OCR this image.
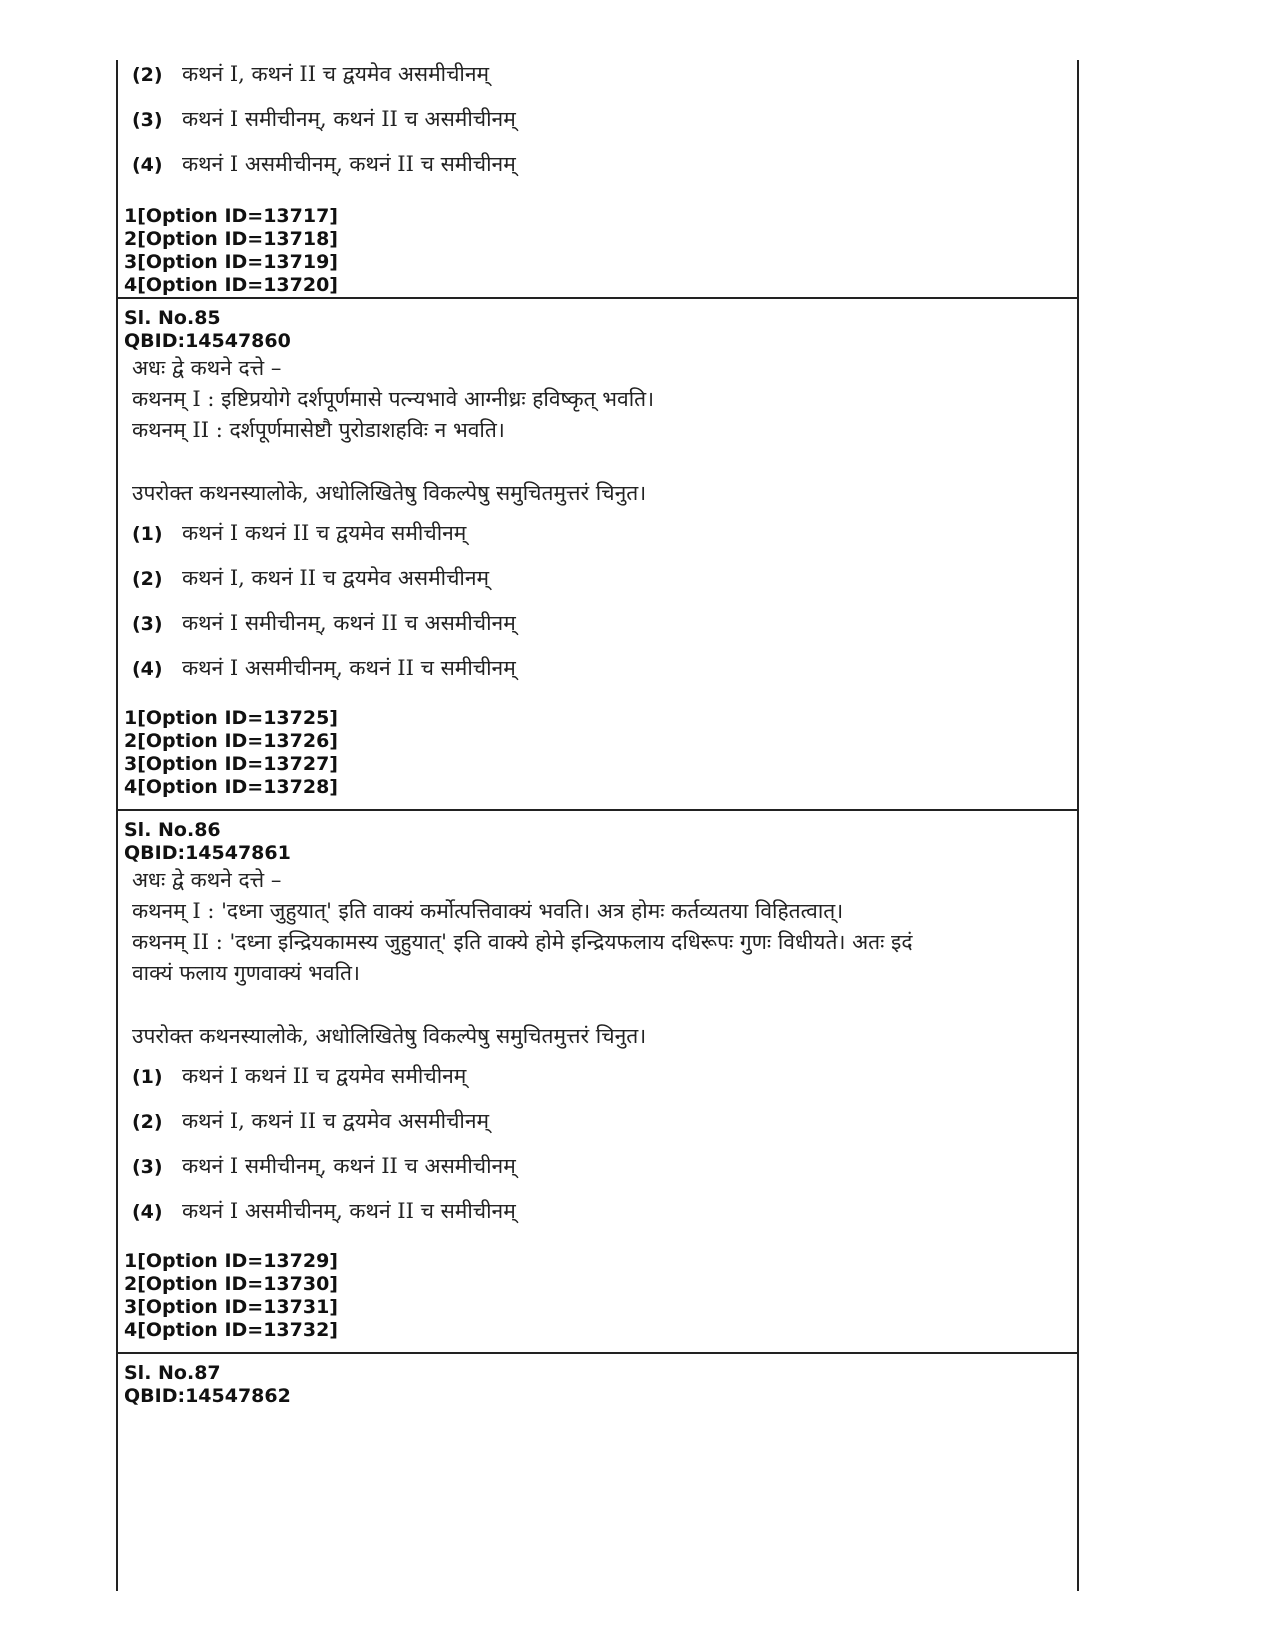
(2) कथनं I, कथनं II च द्वयमेव असमीचीनम्
(3) कथनं I समीचीनम्, कथनं II च असमीचीनम्
(4) कथनं I असमीचीनम्, कथनं II च समीचीनम्
1[Option ID=13717]
2[Option ID=13718]
3[Option ID=13719]
4[Option ID=13720]
Sl. No.85
QBID:14547860
अधः द्वे कथने दत्ते –
कथनम् I : इष्टिप्रयोगे दर्शपूर्णमासे पत्न्यभावे आग्नीध्रः हविष्कृत् भवति।
कथनम् II : दर्शपूर्णमासेष्टौ पुरोडाशहविः न भवति।
उपरोक्त कथनस्यालोके, अधोलिखितेषु विकल्पेषु समुचितमुत्तरं चिनुत।
(1) कथनं I कथनं II च द्वयमेव समीचीनम्
(2) कथनं I, कथनं II च द्वयमेव असमीचीनम्
(3) कथनं I समीचीनम्, कथनं II च असमीचीनम्
(4) कथनं I असमीचीनम्, कथनं II च समीचीनम्
1[Option ID=13725]
2[Option ID=13726]
3[Option ID=13727]
4[Option ID=13728]
Sl. No.86
QBID:14547861
अधः द्वे कथने दत्ते –
कथनम् I : 'दध्ना जुहुयात्' इति वाक्यं कर्मोत्पत्तिवाक्यं भवति। अत्र होमः कर्तव्यतया विहितत्वात्।
कथनम् II : 'दध्ना इन्द्रियकामस्य जुहुयात्' इति वाक्ये होमे इन्द्रियफलाय दधिरूपः गुणः विधीयते। अतः इदं
वाक्यं फलाय गुणवाक्यं भवति।
उपरोक्त कथनस्यालोके, अधोलिखितेषु विकल्पेषु समुचितमुत्तरं चिनुत।
(1) कथनं I कथनं II च द्वयमेव समीचीनम्
(2) कथनं I, कथनं II च द्वयमेव असमीचीनम्
(3) कथनं I समीचीनम्, कथनं II च असमीचीनम्
(4) कथनं I असमीचीनम्, कथनं II च समीचीनम्
1[Option ID=13729]
2[Option ID=13730]
3[Option ID=13731]
4[Option ID=13732]
Sl. No.87
QBID:14547862
